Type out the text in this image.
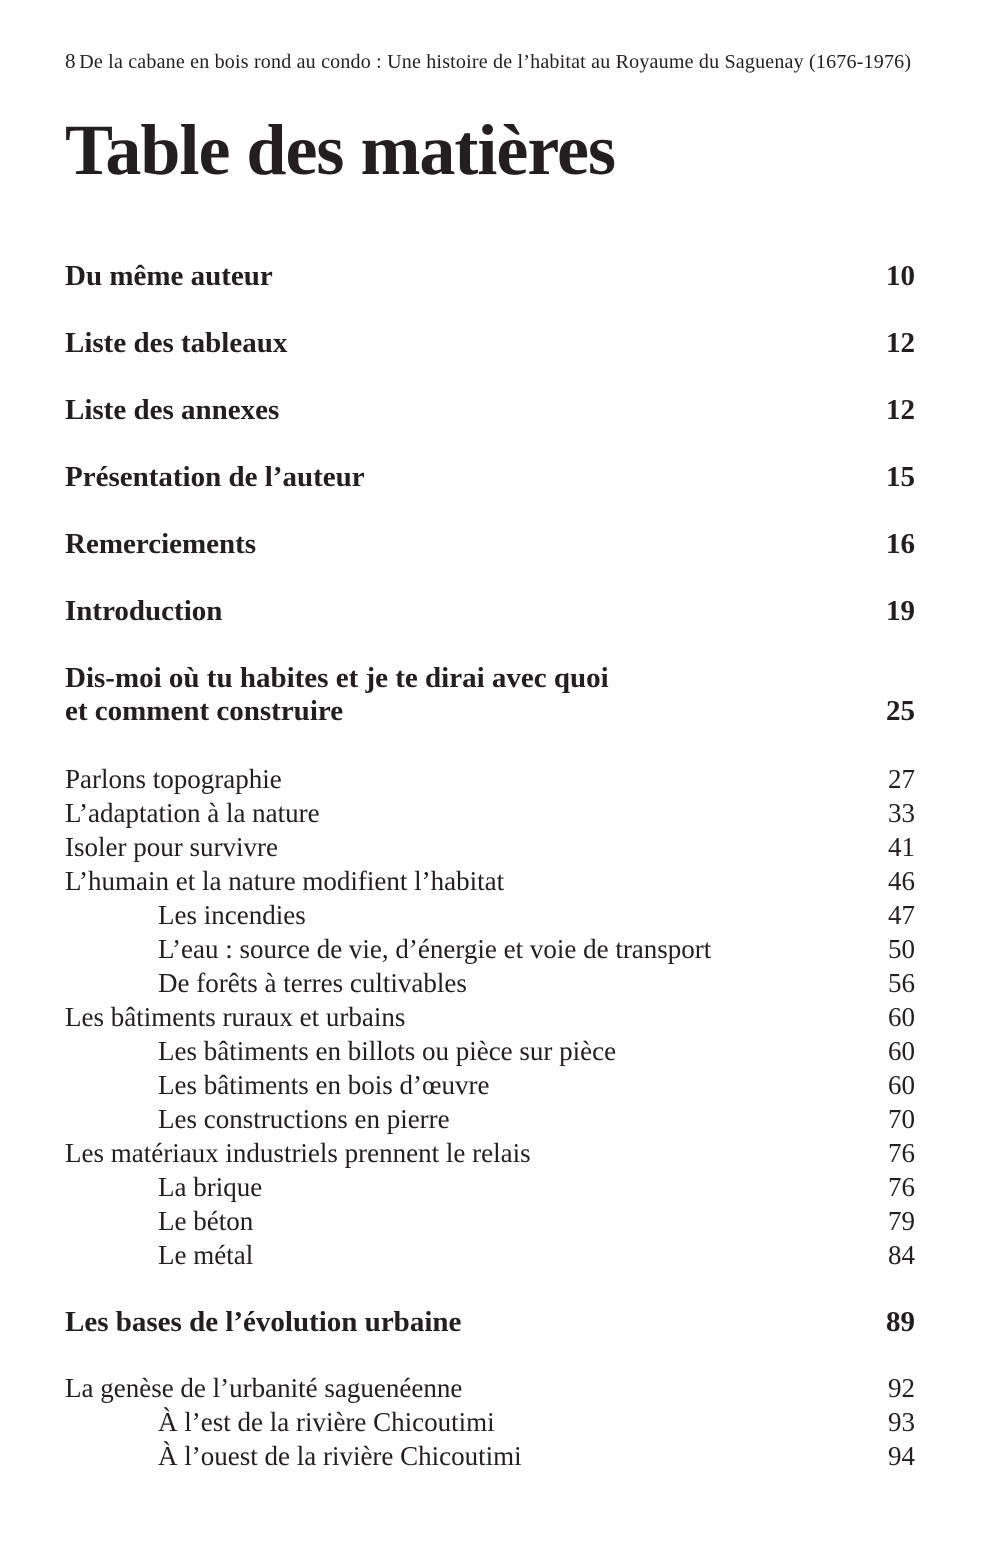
8 De la cabane en bois rond au condo : Une histoire de l’habitat au Royaume du Saguenay (1676-1976)
Table des matières
Du même auteur	10
Liste des tableaux	12
Liste des annexes	12
Présentation de l’auteur	15
Remerciements	16
Introduction	19
Dis-moi où tu habites et je te dirai avec quoi
et comment construire	25
Parlons topographie	27
L’adaptation à la nature	33
Isoler pour survivre	41
L’humain et la nature modifient l’habitat	46
Les incendies	47
L’eau : source de vie, d’énergie et voie de transport	50
De forêts à terres cultivables	56
Les bâtiments ruraux et urbains	60
Les bâtiments en billots ou pièce sur pièce	60
Les bâtiments en bois d’œuvre	60
Les constructions en pierre	70
Les matériaux industriels prennent le relais	76
La brique	76
Le béton	79
Le métal	84
Les bases de l’évolution urbaine	89
La genèse de l’urbanité saguenéenne	92
À l’est de la rivière Chicoutimi	93
À l’ouest de la rivière Chicoutimi	94
